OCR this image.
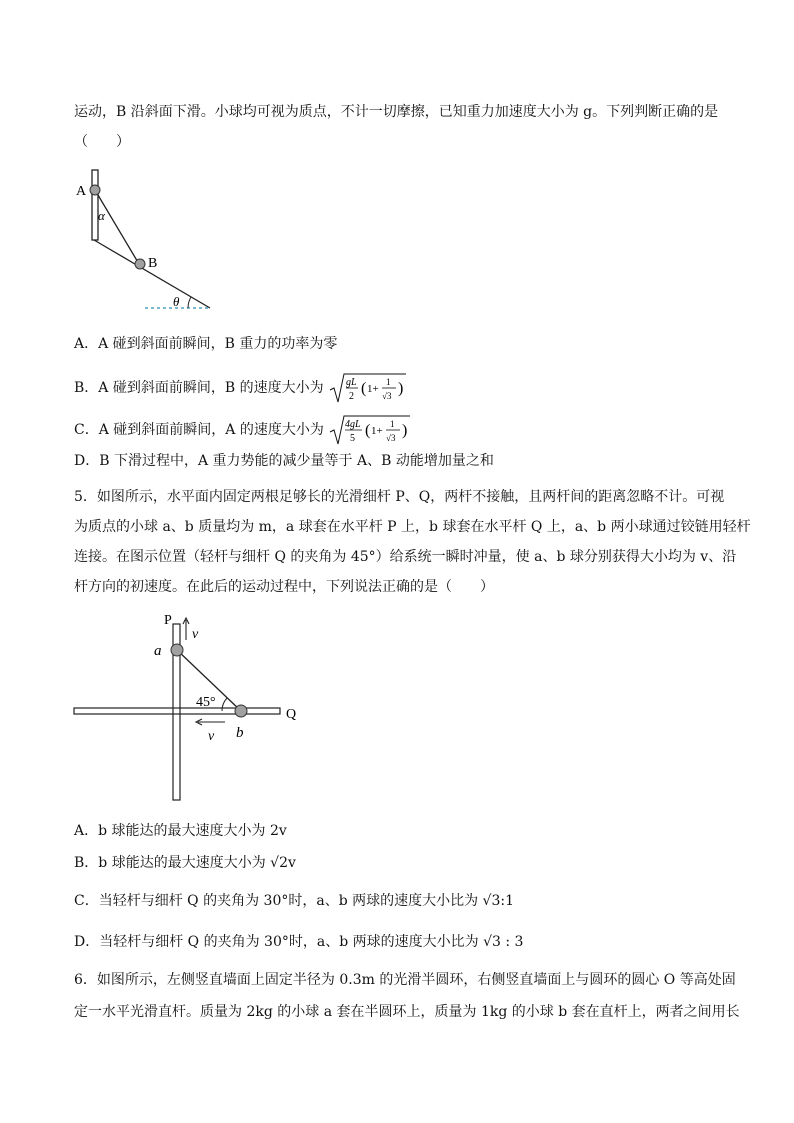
运动，B 沿斜面下滑。小球均可视为质点，不计一切摩擦，已知重力加速度大小为 g。下列判断正确的是
（　　）
A
B
α
θ
A．A 碰到斜面前瞬间，B 重力的功率为零
B．A 碰到斜面前瞬间，B 的速度大小为 gL
2 ( 1+
1
√3 )
C．A 碰到斜面前瞬间，A 的速度大小为 4gL
5 ( 1+
1
√3 )
D．B 下滑过程中，A 重力势能的减少量等于 A、B 动能增加量之和
5．如图所示，水平面内固定两根足够长的光滑细杆 P、Q，两杆不接触，且两杆间的距离忽略不计。可视
为质点的小球 a、b 质量均为 m，a 球套在水平杆 P 上，b 球套在水平杆 Q 上，a、b 两小球通过铰链用轻杆
连接。在图示位置（轻杆与细杆 Q 的夹角为 45°）给系统一瞬时冲量，使 a、b 球分别获得大小均为 v、沿
杆方向的初速度。在此后的运动过程中，下列说法正确的是（　　）
P
Q
a
b
v
v
45°
A．b 球能达的最大速度大小为 2v
B．b 球能达的最大速度大小为 √2v
C．当轻杆与细杆 Q 的夹角为 30°时，a、b 两球的速度大小比为 √3:1
D．当轻杆与细杆 Q 的夹角为 30°时，a、b 两球的速度大小比为 √3 : 3
6．如图所示，左侧竖直墙面上固定半径为 0.3m 的光滑半圆环，右侧竖直墙面上与圆环的圆心 O 等高处固
定一水平光滑直杆。质量为 2kg 的小球 a 套在半圆环上，质量为 1kg 的小球 b 套在直杆上，两者之间用长
